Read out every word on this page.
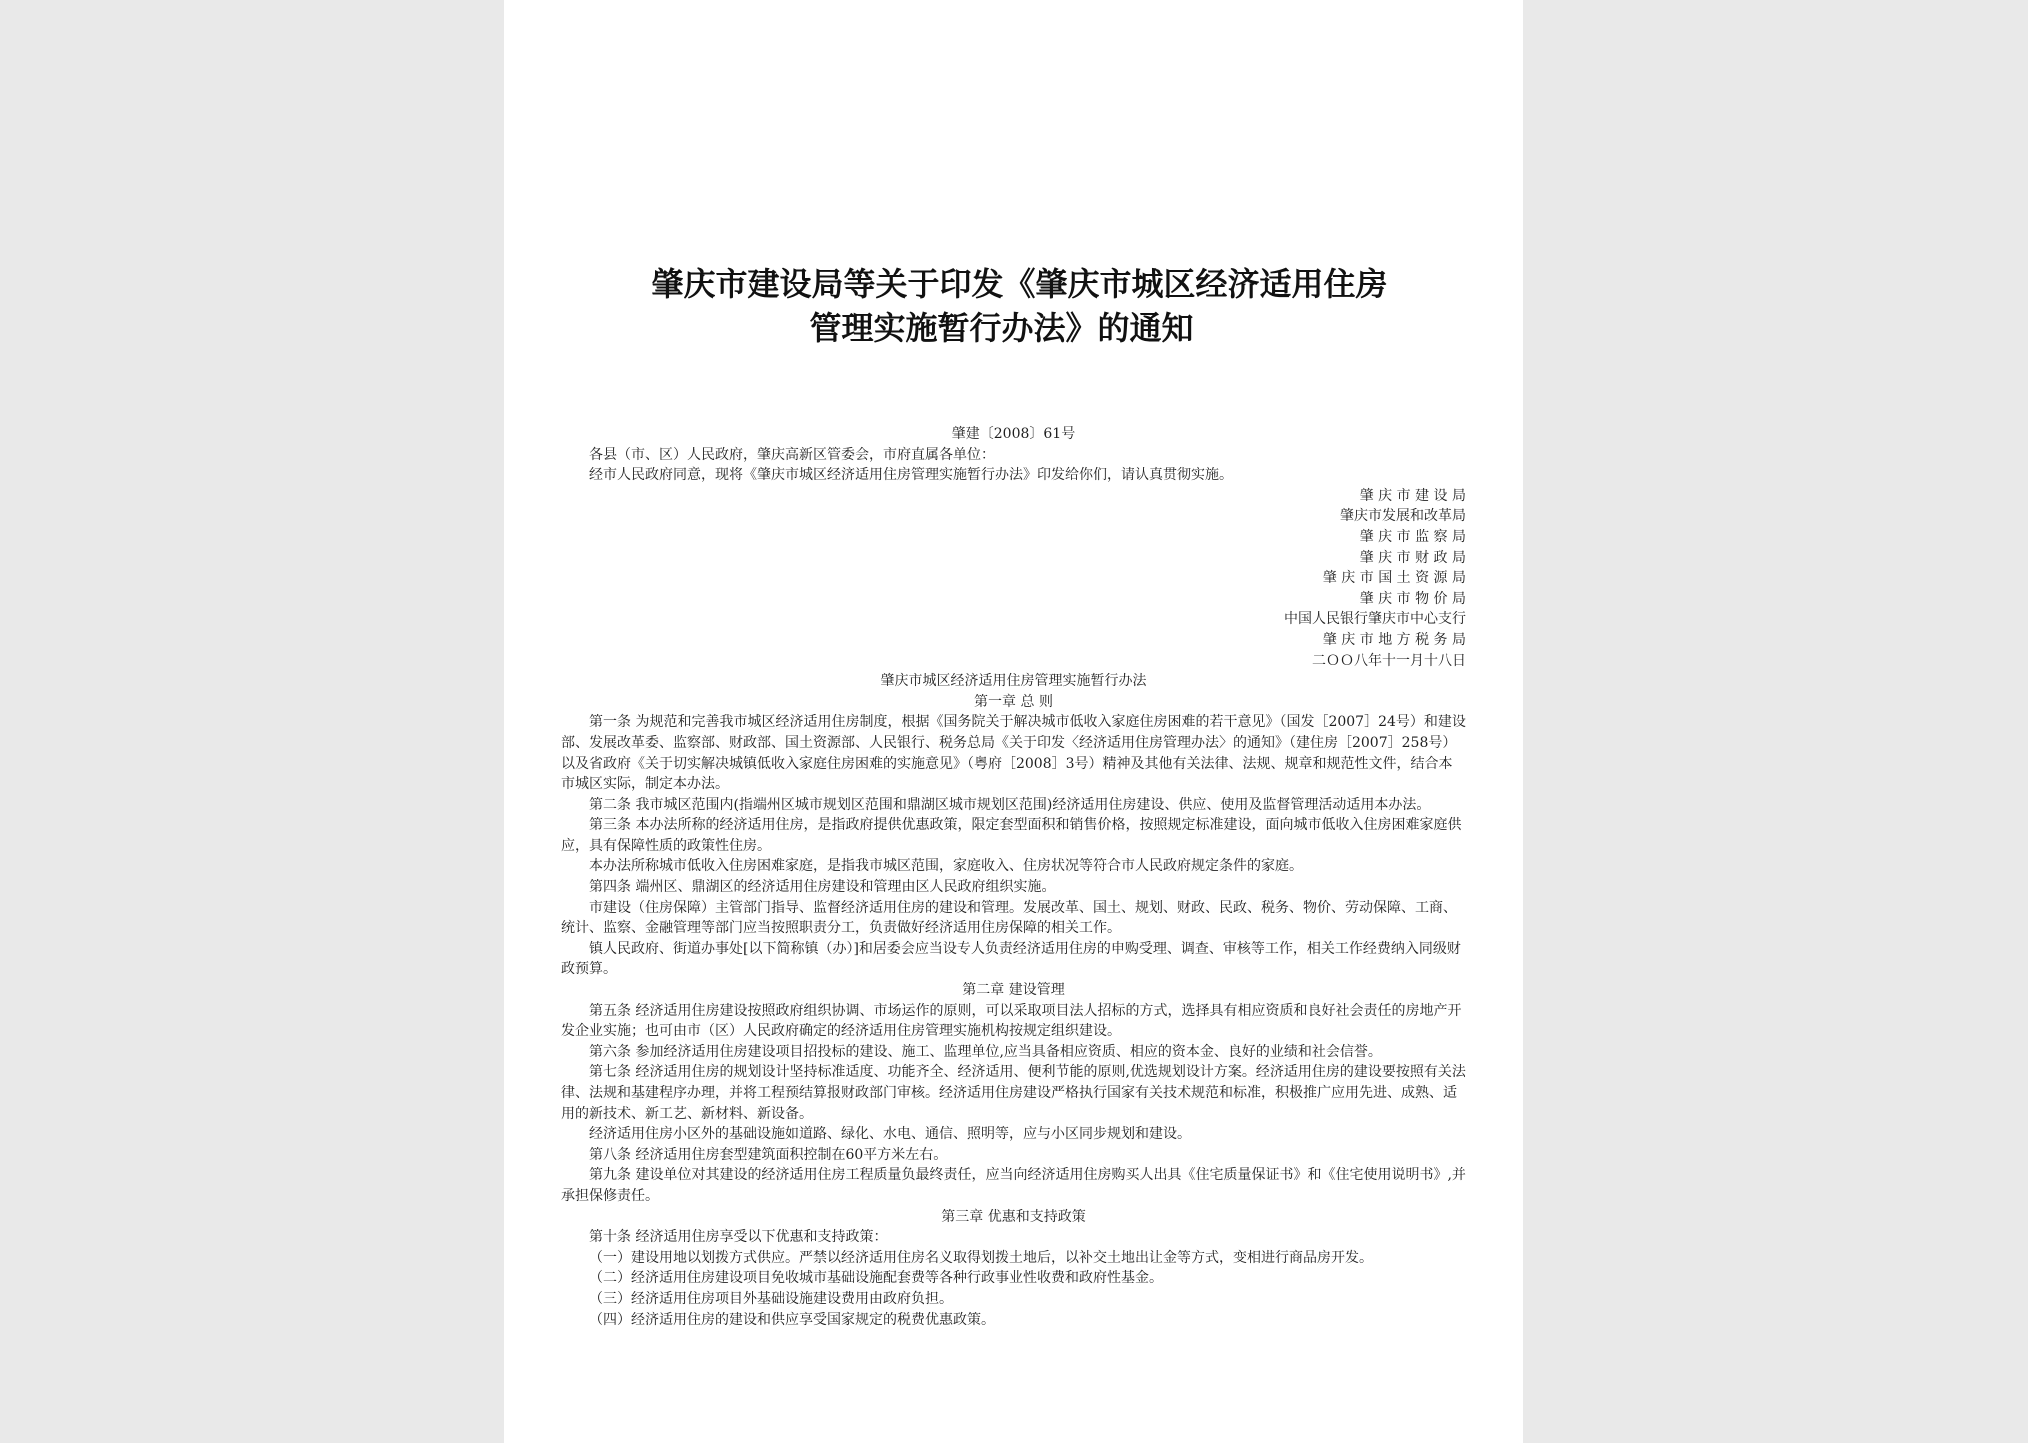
肇庆市建设局等关于印发《肇庆市城区经济适用住房
管理实施暂行办法》的通知

肇建〔2008〕61号

各县（市、区）人民政府，肇庆高新区管委会，市府直属各单位：

经市人民政府同意，现将《肇庆市城区经济适用住房管理实施暂行办法》印发给你们，请认真贯彻实施。

肇 庆 市 建 设 局

肇庆市发展和改革局

肇 庆 市 监 察 局

肇 庆 市 财 政 局

肇 庆 市 国 土 资 源 局

肇 庆 市 物 价 局

中国人民银行肇庆市中心支行

肇 庆 市 地 方 税 务 局

二ＯＯ八年十一月十八日

肇庆市城区经济适用住房管理实施暂行办法

第一章 总 则

第一条 为规范和完善我市城区经济适用住房制度，根据《国务院关于解决城市低收入家庭住房困难的若干意见》（国发［2007］24号）和建设部、发展改革委、监察部、财政部、国土资源部、人民银行、税务总局《关于印发〈经济适用住房管理办法〉的通知》（建住房［2007］258号）以及省政府《关于切实解决城镇低收入家庭住房困难的实施意见》（粤府［2008］3号）精神及其他有关法律、法规、规章和规范性文件，结合本市城区实际，制定本办法。

第二条 我市城区范围内(指端州区城市规划区范围和鼎湖区城市规划区范围)经济适用住房建设、供应、使用及监督管理活动适用本办法。

第三条 本办法所称的经济适用住房，是指政府提供优惠政策，限定套型面积和销售价格，按照规定标准建设，面向城市低收入住房困难家庭供应，具有保障性质的政策性住房。

本办法所称城市低收入住房困难家庭，是指我市城区范围，家庭收入、住房状况等符合市人民政府规定条件的家庭。

第四条 端州区、鼎湖区的经济适用住房建设和管理由区人民政府组织实施。

市建设（住房保障）主管部门指导、监督经济适用住房的建设和管理。发展改革、国土、规划、财政、民政、税务、物价、劳动保障、工商、统计、监察、金融管理等部门应当按照职责分工，负责做好经济适用住房保障的相关工作。

镇人民政府、街道办事处[以下简称镇（办）]和居委会应当设专人负责经济适用住房的申购受理、调查、审核等工作，相关工作经费纳入同级财政预算。

第二章 建设管理

第五条 经济适用住房建设按照政府组织协调、市场运作的原则，可以采取项目法人招标的方式，选择具有相应资质和良好社会责任的房地产开发企业实施；也可由市（区）人民政府确定的经济适用住房管理实施机构按规定组织建设。

第六条 参加经济适用住房建设项目招投标的建设、施工、监理单位,应当具备相应资质、相应的资本金、良好的业绩和社会信誉。

第七条 经济适用住房的规划设计坚持标准适度、功能齐全、经济适用、便利节能的原则,优选规划设计方案。经济适用住房的建设要按照有关法律、法规和基建程序办理，并将工程预结算报财政部门审核。经济适用住房建设严格执行国家有关技术规范和标准，积极推广应用先进、成熟、适用的新技术、新工艺、新材料、新设备。

经济适用住房小区外的基础设施如道路、绿化、水电、通信、照明等，应与小区同步规划和建设。

第八条 经济适用住房套型建筑面积控制在60平方米左右。

第九条 建设单位对其建设的经济适用住房工程质量负最终责任，应当向经济适用住房购买人出具《住宅质量保证书》和《住宅使用说明书》,并承担保修责任。

第三章 优惠和支持政策

第十条 经济适用住房享受以下优惠和支持政策：

（一）建设用地以划拨方式供应。严禁以经济适用住房名义取得划拨土地后，以补交土地出让金等方式，变相进行商品房开发。

（二）经济适用住房建设项目免收城市基础设施配套费等各种行政事业性收费和政府性基金。

（三）经济适用住房项目外基础设施建设费用由政府负担。

（四）经济适用住房的建设和供应享受国家规定的税费优惠政策。
